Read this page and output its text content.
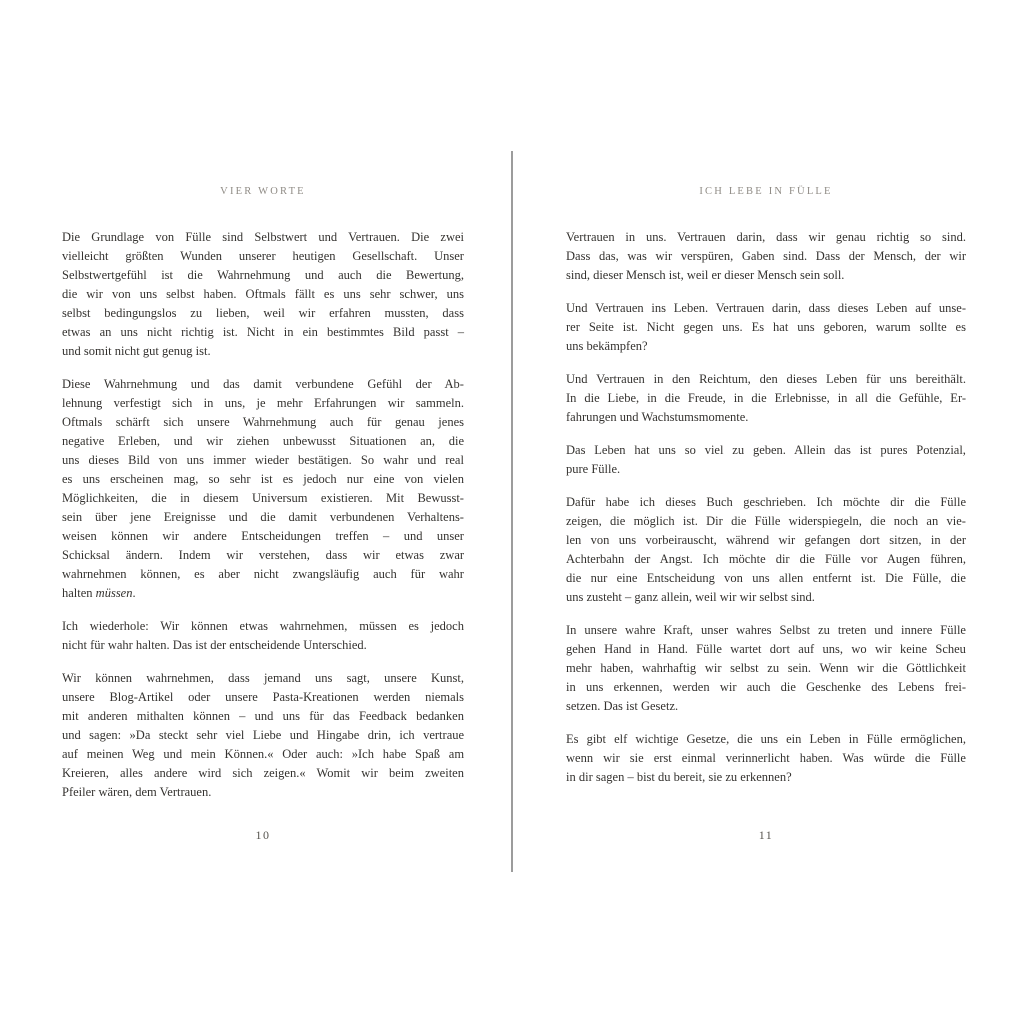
VIER WORTE
Die Grundlage von Fülle sind Selbstwert und Vertrauen. Die zwei
vielleicht größten Wunden unserer heutigen Gesellschaft. Unser
Selbstwertgefühl ist die Wahrnehmung und auch die Bewertung,
die wir von uns selbst haben. Oftmals fällt es uns sehr schwer, uns
selbst bedingungslos zu lieben, weil wir erfahren mussten, dass
etwas an uns nicht richtig ist. Nicht in ein bestimmtes Bild passt –
und somit nicht gut genug ist.
Diese Wahrnehmung und das damit verbundene Gefühl der Ab-
lehnung verfestigt sich in uns, je mehr Erfahrungen wir sammeln.
Oftmals schärft sich unsere Wahrnehmung auch für genau jenes
negative Erleben, und wir ziehen unbewusst Situationen an, die
uns dieses Bild von uns immer wieder bestätigen. So wahr und real
es uns erscheinen mag, so sehr ist es jedoch nur eine von vielen
Möglichkeiten, die in diesem Universum existieren. Mit Bewusst-
sein über jene Ereignisse und die damit verbundenen Verhaltens-
weisen können wir andere Entscheidungen treffen – und unser
Schicksal ändern. Indem wir verstehen, dass wir etwas zwar
wahrnehmen können, es aber nicht zwangsläufig auch für wahr
halten müssen.
Ich wiederhole: Wir können etwas wahrnehmen, müssen es jedoch
nicht für wahr halten. Das ist der entscheidende Unterschied.
Wir können wahrnehmen, dass jemand uns sagt, unsere Kunst,
unsere Blog-Artikel oder unsere Pasta-Kreationen werden niemals
mit anderen mithalten können – und uns für das Feedback bedanken
und sagen: »Da steckt sehr viel Liebe und Hingabe drin, ich vertraue
auf meinen Weg und mein Können.« Oder auch: »Ich habe Spaß am
Kreieren, alles andere wird sich zeigen.« Womit wir beim zweiten
Pfeiler wären, dem Vertrauen.
10
ICH LEBE IN FÜLLE
Vertrauen in uns. Vertrauen darin, dass wir genau richtig so sind.
Dass das, was wir verspüren, Gaben sind. Dass der Mensch, der wir
sind, dieser Mensch ist, weil er dieser Mensch sein soll.
Und Vertrauen ins Leben. Vertrauen darin, dass dieses Leben auf unse-
rer Seite ist. Nicht gegen uns. Es hat uns geboren, warum sollte es
uns bekämpfen?
Und Vertrauen in den Reichtum, den dieses Leben für uns bereithält.
In die Liebe, in die Freude, in die Erlebnisse, in all die Gefühle, Er-
fahrungen und Wachstumsmomente.
Das Leben hat uns so viel zu geben. Allein das ist pures Potenzial,
pure Fülle.
Dafür habe ich dieses Buch geschrieben. Ich möchte dir die Fülle
zeigen, die möglich ist. Dir die Fülle widerspiegeln, die noch an vie-
len von uns vorbeirauscht, während wir gefangen dort sitzen, in der
Achterbahn der Angst. Ich möchte dir die Fülle vor Augen führen,
die nur eine Entscheidung von uns allen entfernt ist. Die Fülle, die
uns zusteht – ganz allein, weil wir wir selbst sind.
In unsere wahre Kraft, unser wahres Selbst zu treten und innere Fülle
gehen Hand in Hand. Fülle wartet dort auf uns, wo wir keine Scheu
mehr haben, wahrhaftig wir selbst zu sein. Wenn wir die Göttlichkeit
in uns erkennen, werden wir auch die Geschenke des Lebens frei-
setzen. Das ist Gesetz.
Es gibt elf wichtige Gesetze, die uns ein Leben in Fülle ermöglichen,
wenn wir sie erst einmal verinnerlicht haben. Was würde die Fülle
in dir sagen – bist du bereit, sie zu erkennen?
11
